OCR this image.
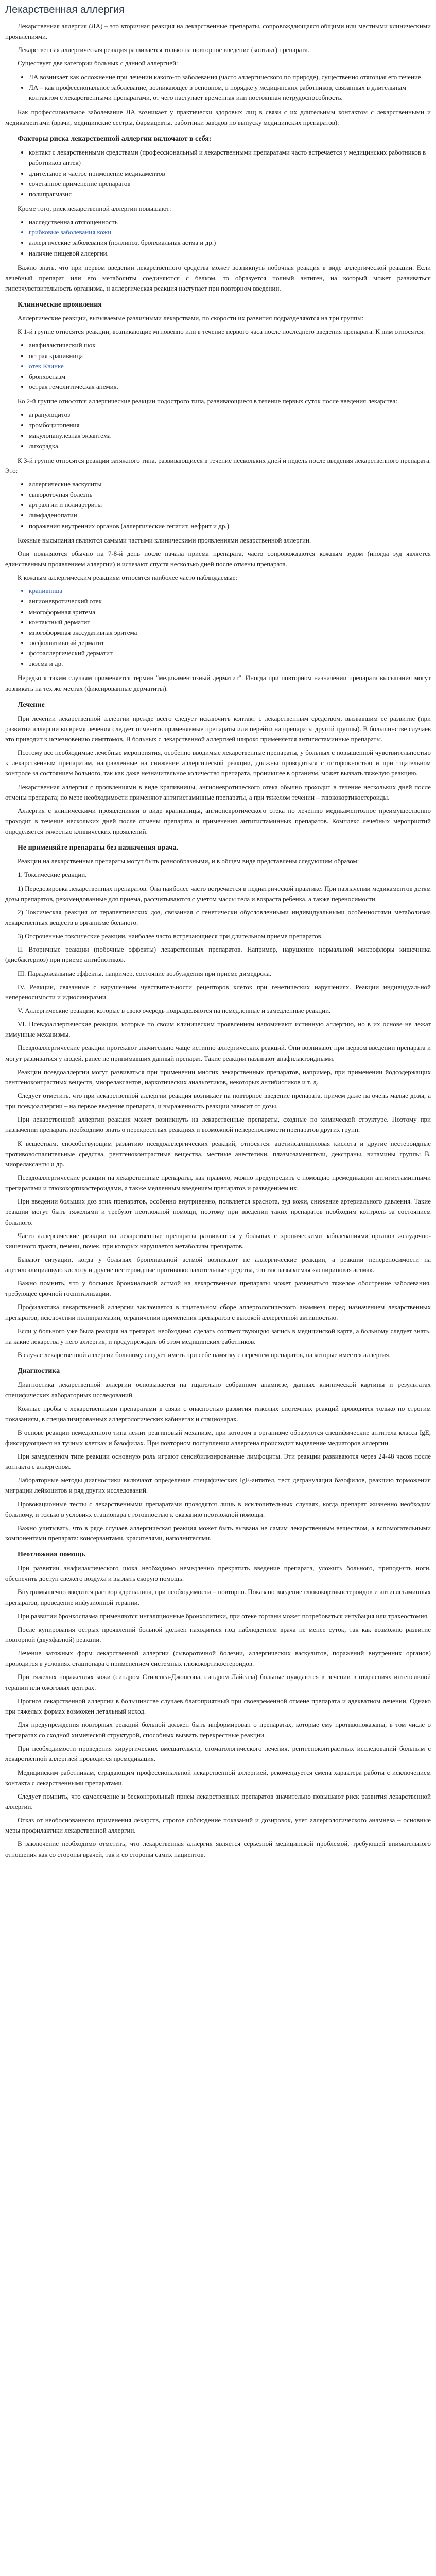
Лекарственная аллергия

Лекарственная аллергия (ЛА) – это вторичная реакция на лекарственные препараты, сопровождающаяся общими или местными клиническими проявлениями.

Лекарственная аллергическая реакция развивается только на повторное введение (контакт) препарата.

Существует две категории больных с данной аллергией:

• ЛА возникает как осложнение при лечении какого-то заболевания (часто аллергического по природе), существенно отягощая его течение.
• ЛА – как профессиональное заболевание, возникающее в основном, в порядке у медицинских работников, связанных в длительным контактом с лекарственными препаратами, от чего наступает временная или постоянная нетрудоспособность.

Как профессиональное заболевание ЛА возникает у практически здоровых лиц в связи с их длительным контактом с лекарственными и медикаментами (врачи, медицинские сестры, фармацевты, работники заводов по выпуску медицинских препаратов).

Факторы риска лекарственной аллергии включают в себя:
• контакт с лекарственными средствами (профессиональный и лекарственными препаратами часто встречается у медицинских работников в работников аптек)
• длительное и частое применение медикаментов
• сочетанное применение препаратов
• полипрагмазия

Кроме того, риск лекарственной аллергии повышают:

• наследственная отягощенность
• грибковые заболевания кожи
• аллергические заболевания (поллиноз, бронхиальная астма и др.)
• наличие пищевой аллергии.

Важно знать, что при первом введении лекарственного средства может возникнуть побочная реакция в виде аллергической реакции. Если лечебный препарат или его метаболиты соединяются с белком, то образуется полный антиген, на который может развиваться гиперчувствительность организма, и аллергическая реакция наступает при повторном введении.

Клинические проявления

Аллергические реакции, вызываемые различными лекарствами, по скорости их развития подразделяются на три группы:

К 1-й группе относятся реакции, возникающие мгновенно или в течение первого часа после последнего введения препарата. К ним относятся:

• анафилактический шок
• острая крапивница
• отек Квинке
• бронхоспазм
• острая гемолитическая анемия.

Ко 2-й группе относятся аллергические реакции подострого типа, развивающиеся в течение первых суток после введения лекарства:

• агранулоцитоз
• тромбоцитопения
• макулопапулезная экзантема
• лихорадка.

К 3-й группе относятся реакции затяжного типа, развивающиеся в течение нескольких дней и недель после введения лекарственного препарата. Это:

• аллергические васкулиты
• сывороточная болезнь
• артралгии и полиартриты
• лимфаденопатии
• поражения внутренних органов (аллергические гепатит, нефрит и др.).

Кожные высыпания являются самыми частыми клиническими проявлениями лекарственной аллергии.

Они появляются обычно на 7-8-й день после начала приема препарата, часто сопровождаются кожным зудом (иногда зуд является единственным проявлением аллергии) и исчезают спустя несколько дней после отмены препарата.

К кожным аллергическим реакциям относятся наиболее часто наблюдаемые:

• крапивница
• ангионевротический отек
• многоформная эритема
• контактный дерматит
• многоформная экссудативная эритема
• эксфолиативный дерматит
• фотоаллергический дерматит
• экзема и др.

Нередко к таким случаям применяется термин "медикаментозный дерматит". Иногда при повторном назначении препарата высыпания могут возникать на тех же местах (фиксированные дерматиты).

Лечение

При лечении лекарственной аллергии прежде всего следует исключить контакт с лекарственным средством, вызвавшим ее развитие (при развитии аллергии во время лечения следует отменить применяемые препараты или перейти на препараты другой группы). В большинстве случаев это приводит к исчезновению симптомов. В больных с лекарственной аллергией широко применяется антигистаминные препараты.

Поэтому все необходимые лечебные мероприятия, особенно вводимые лекарственные препараты, у больных с повышенной чувствительностью к лекарственным препаратам, направленные на снижение аллергической реакции, должны проводиться с осторожностью и при тщательном контроле за состоянием больного, так как даже незначительное количество препарата, проникшее в организм, может вызвать тяжелую реакцию.

Лекарственная аллергия с проявлениями в виде крапивницы, ангионевротического отека обычно проходит в течение нескольких дней после отмены препарата; по мере необходимости применяют антигистаминные препараты, а при тяжелом течении – глюкокортикостероиды.

Аллергия с клиническими проявлениями в виде крапивницы, ангионевротического отека по лечению медикаментозное преимущественно проходит в течение нескольких дней после отмены препарата и применения антигистаминных препаратов. Комплекс лечебных мероприятий определяется тяжестью клинических проявлений.

Не применяйте препараты без назначения врача.

Реакции на лекарственные препараты могут быть разнообразными, и в общем виде представлены следующим образом:

1. Токсические реакции.

1) Передозировка лекарственных препаратов. Она наиболее часто встречается в педиатрической практике. При назначении медикаментов детям дозы препаратов, рекомендованные для приема, рассчитываются с учетом массы тела и возраста ребенка, а также переносимости.

2) Токсическая реакция от терапевтических доз, связанная с генетически обусловленными индивидуальными особенностями метаболизма лекарственных веществ в организме больного.

3) Отсроченные токсические реакции, наиболее часто встречающиеся при длительном приеме препаратов.

II. Вторичные реакции (побочные эффекты) лекарственных препаратов. Например, нарушение нормальной микрофлоры кишечника (дисбактериоз) при приеме антибиотиков.

III. Парадоксальные эффекты, например, состояние возбуждения при приеме димедрола.

IV. Реакции, связанные с нарушением чувствительности рецепторов клеток при генетических нарушениях. Реакции индивидуальной непереносимости и идиосинкразии.

V. Аллергические реакции, которые в свою очередь подразделяются на немедленные и замедленные реакции.

VI. Псевдоаллергические реакции, которые по своим клиническим проявлениям напоминают истинную аллергию, но в их основе не лежат иммунные механизмы.

Псевдоаллергические реакции протекают значительно чаще истинно аллергических реакций. Они возникают при первом введении препарата и могут развиваться у людей, ранее не принимавших данный препарат. Такие реакции называют анафилактоидными.

Реакции псевдоаллергии могут развиваться при применении многих лекарственных препаратов, например, при применении йодсодержащих рентгеноконтрастных веществ, миорелаксантов, наркотических анальгетиков, некоторых антибиотиков и т. д.

Следует отметить, что при лекарственной аллергии реакция возникает на повторное введение препарата, причем даже на очень малые дозы, а при псевдоаллергии – на первое введение препарата, и выраженность реакции зависит от дозы.

При лекарственной аллергии реакция может возникнуть на лекарственные препараты, сходные по химической структуре. Поэтому при назначении препарата необходимо знать о перекрестных реакциях и возможной непереносимости препаратов других групп.

К веществам, способствующим развитию псевдоаллергических реакций, относятся: ацетилсалициловая кислота и другие нестероидные противовоспалительные средства, рентгеноконтрастные вещества, местные анестетики, плазмозаменители, декстраны, витамины группы B, миорелаксанты и др.

Псевдоаллергические реакции на лекарственные препараты, как правило, можно предупредить с помощью премедикации антигистаминными препаратами и глюкокортикостероидами, а также медленным введением препаратов и разведением их.

При введении больших доз этих препаратов, особенно внутривенно, появляется краснота, зуд кожи, снижение артериального давления. Такие реакции могут быть тяжелыми и требуют неотложной помощи, поэтому при введении таких препаратов необходим контроль за состоянием больного.

Часто аллергические реакции на лекарственные препараты развиваются у больных с хроническими заболеваниями органов желудочно-кишечного тракта, печени, почек, при которых нарушается метаболизм препаратов.

Бывают ситуации, когда у больных бронхиальной астмой возникают не аллергические реакции, а реакции непереносимости на ацетилсалициловую кислоту и другие нестероидные противовоспалительные средства, это так называемая «аспириновая астма».

Важно помнить, что у больных бронхиальной астмой на лекарственные препараты может развиваться тяжелое обострение заболевания, требующее срочной госпитализации.

Профилактика лекарственной аллергии заключается в тщательном сборе аллергологического анамнеза перед назначением лекарственных препаратов, исключении полипрагмазии, ограничении применения препаратов с высокой аллергенной активностью.

Если у больного уже была реакция на препарат, необходимо сделать соответствующую запись в медицинской карте, а больному следует знать, на какие лекарства у него аллергия, и предупреждать об этом медицинских работников.

В случае лекарственной аллергии больному следует иметь при себе памятку с перечнем препаратов, на которые имеется аллергия.

Диагностика

Диагностика лекарственной аллергии основывается на тщательно собранном анамнезе, данных клинической картины и результатах специфических лабораторных исследований.

Кожные пробы с лекарственными препаратами в связи с опасностью развития тяжелых системных реакций проводятся только по строгим показаниям, в специализированных аллергологических кабинетах и стационарах.

В основе реакции немедленного типа лежит реагиновый механизм, при котором в организме образуются специфические антитела класса IgE, фиксирующиеся на тучных клетках и базофилах. При повторном поступлении аллергена происходит выделение медиаторов аллергии.

При замедленном типе реакции основную роль играют сенсибилизированные лимфоциты. Эти реакции развиваются через 24-48 часов после контакта с аллергеном.

Лабораторные методы диагностики включают определение специфических IgE-антител, тест дегрануляции базофилов, реакцию торможения миграции лейкоцитов и ряд других исследований.

Провокационные тесты с лекарственными препаратами проводятся лишь в исключительных случаях, когда препарат жизненно необходим больному, и только в условиях стационара с готовностью к оказанию неотложной помощи.

Важно учитывать, что в ряде случаев аллергическая реакция может быть вызвана не самим лекарственным веществом, а вспомогательными компонентами препарата: консервантами, красителями, наполнителями.

Неотложная помощь

При развитии анафилактического шока необходимо немедленно прекратить введение препарата, уложить больного, приподнять ноги, обеспечить доступ свежего воздуха и вызвать скорую помощь.

Внутримышечно вводится раствор адреналина, при необходимости – повторно. Показано введение глюкокортикостероидов и антигистаминных препаратов, проведение инфузионной терапии.

При развитии бронхоспазма применяются ингаляционные бронхолитики, при отеке гортани может потребоваться интубация или трахеостомия.

После купирования острых проявлений больной должен находиться под наблюдением врача не менее суток, так как возможно развитие повторной (двухфазной) реакции.

Лечение затяжных форм лекарственной аллергии (сывороточной болезни, аллергических васкулитов, поражений внутренних органов) проводится в условиях стационара с применением системных глюкокортикостероидов.

При тяжелых поражениях кожи (синдром Стивенса-Джонсона, синдром Лайелла) больные нуждаются в лечении в отделениях интенсивной терапии или ожоговых центрах.

Прогноз лекарственной аллергии в большинстве случаев благоприятный при своевременной отмене препарата и адекватном лечении. Однако при тяжелых формах возможен летальный исход.

Для предупреждения повторных реакций больной должен быть информирован о препаратах, которые ему противопоказаны, в том числе о препаратах со сходной химической структурой, способных вызвать перекрестные реакции.

При необходимости проведения хирургических вмешательств, стоматологического лечения, рентгеноконтрастных исследований больным с лекарственной аллергией проводится премедикация.

Медицинским работникам, страдающим профессиональной лекарственной аллергией, рекомендуется смена характера работы с исключением контакта с лекарственными препаратами.

Следует помнить, что самолечение и бесконтрольный прием лекарственных препаратов значительно повышают риск развития лекарственной аллергии.

Отказ от необоснованного применения лекарств, строгое соблюдение показаний и дозировок, учет аллергологического анамнеза – основные меры профилактики лекарственной аллергии.

В заключение необходимо отметить, что лекарственная аллергия является серьезной медицинской проблемой, требующей внимательного отношения как со стороны врачей, так и со стороны самих пациентов.
